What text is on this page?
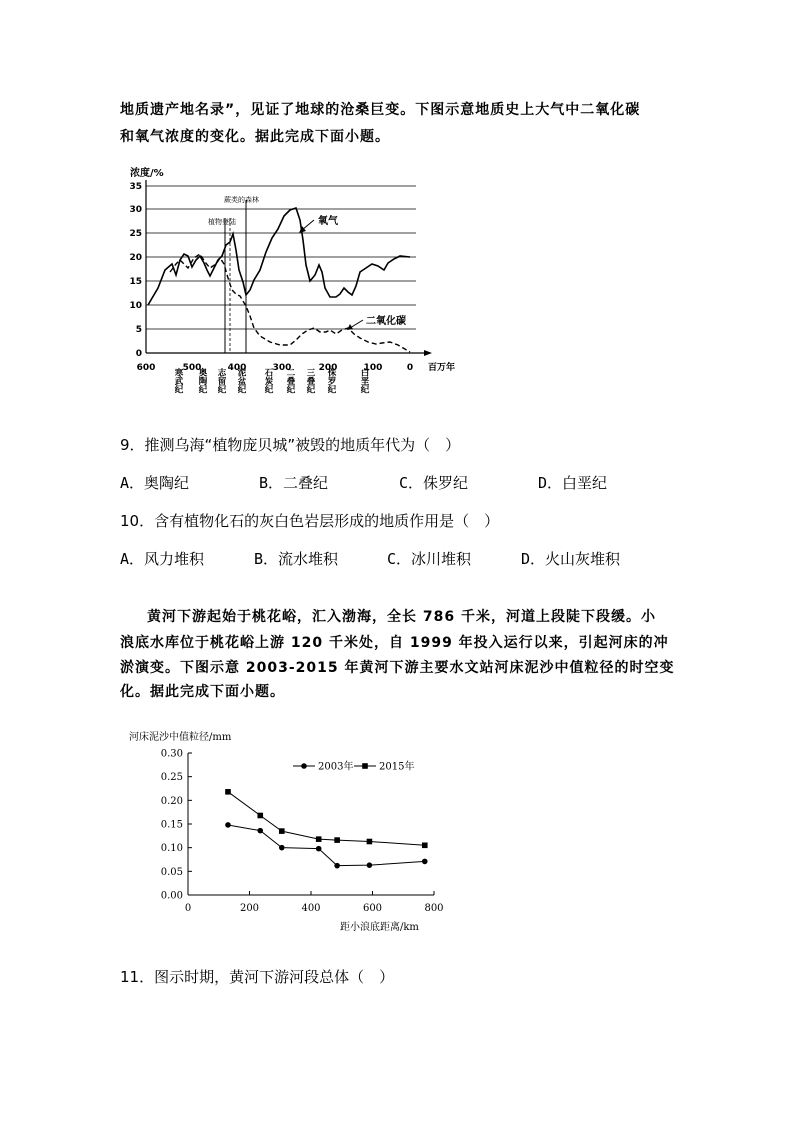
地质遗产地名录”，见证了地球的沧桑巨变。下图示意地质史上大气中二氧化碳
和氧气浓度的变化。据此完成下面小题。
浓度/%
35
30
25
20
15
10
5
0
600	500	400	300	200	100	0 百万年
植物登陆
蕨类的森林
氧气
二氧化碳
寒武纪 奥陶纪 志留纪 泥盆纪 石炭纪 二叠纪 三叠纪 侏罗纪	白垩纪
9．推测乌海“植物庞贝城”被毁的地质年代为（　）
A．奥陶纪	B．二叠纪	C．侏罗纪	D．白垩纪
10．含有植物化石的灰白色岩层形成的地质作用是（　）
A．风力堆积	B．流水堆积	C．冰川堆积	D．火山灰堆积
黄河下游起始于桃花峪，汇入渤海，全长 786 千米，河道上段陡下段缓。小
浪底水库位于桃花峪上游 120 千米处，自 1999 年投入运行以来，引起河床的冲
淤演变。下图示意 2003-2015 年黄河下游主要水文站河床泥沙中值粒径的时空变
化。据此完成下面小题。
河床泥沙中值粒径/mm
0.30
0.25
0.20
0.15
0.10
0.05
0.00
0	200	400	600	800
2003年	2015年
距小浪底距离/km
11．图示时期，黄河下游河段总体（　）
